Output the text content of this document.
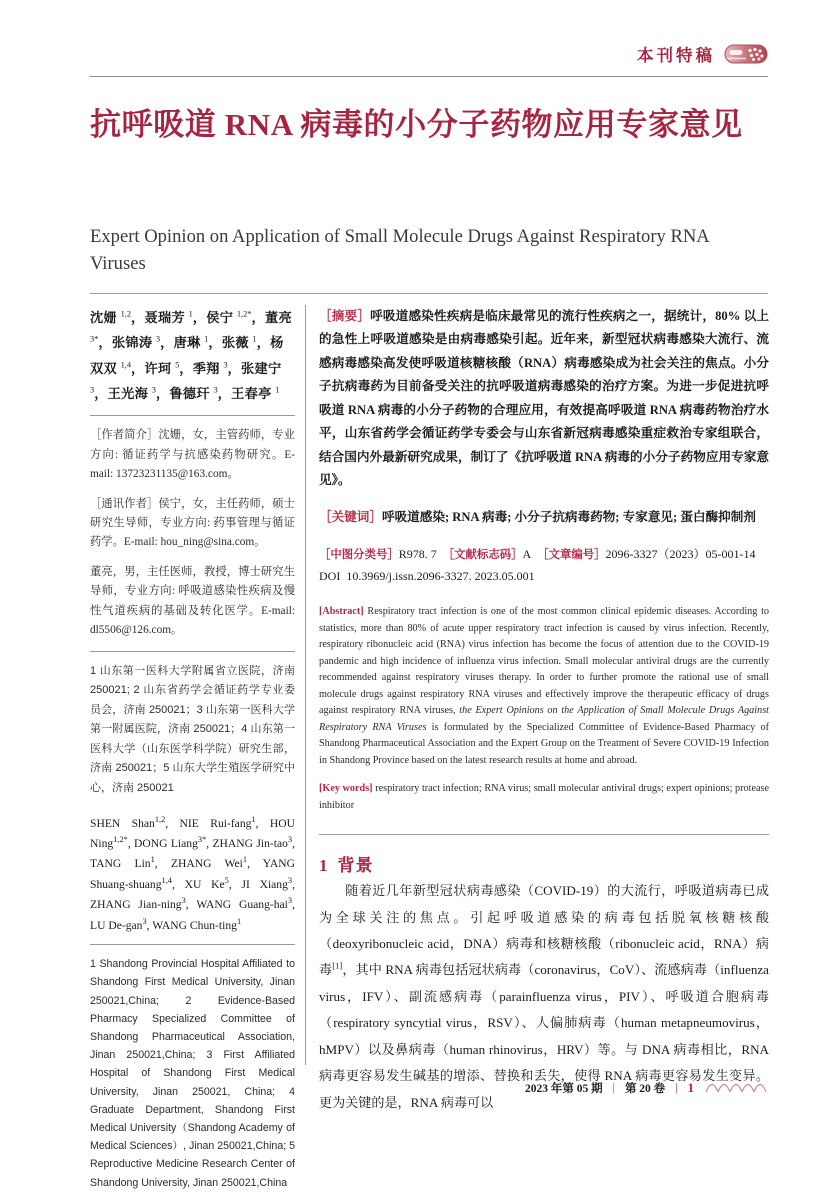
本刊特稿
抗呼吸道 RNA 病毒的小分子药物应用专家意见
Expert Opinion on Application of Small Molecule Drugs Against Respiratory RNA Viruses
沈姗 $^{1,2}$，聂瑞芳 $^1$，侯宁 $^{1,2*}$，董亮 $^{3*}$，张锦涛 $^3$，唐琳 $^1$，张薇 $^1$，杨双双 $^{1,4}$，许珂 $^5$，季翔 $^3$，张建宁 $^3$，王光海 $^3$，鲁德玕 $^3$，王春亭 $^1$
［作者简介］沈姗，女，主管药师，专业方向: 循证药学与抗感染药物研究。E-mail: 13723231135@163.com。
［通讯作者］侯宁，女，主任药师，硕士研究生导师，专业方向: 药事管理与循证药学。E-mail: hou_ning@sina.com。
董亮，男，主任医师，教授，博士研究生导师，专业方向: 呼吸道感染性疾病及慢性气道疾病的基础及转化医学。E-mail: dl5506@126.com。
1 山东第一医科大学附属省立医院，济南 250021; 2 山东省药学会循证药学专业委员会，济南 250021；3 山东第一医科大学第一附属医院，济南 250021；4 山东第一医科大学（山东医学科学院）研究生部，济南 250021；5 山东大学生殖医学研究中心，济南 250021
SHEN Shan$^{1,2}$, NIE Rui-fang$^1$, HOU Ning$^{1,2*}$, DONG Liang$^{3*}$, ZHANG Jin-tao$^3$, TANG Lin$^1$, ZHANG Wei$^1$, YANG Shuang-shuang$^{1,4}$, XU Ke$^5$, JI Xiang$^3$, ZHANG Jian-ning$^3$, WANG Guang-hai$^3$, LU De-gan$^3$, WANG Chun-ting$^1$
1 Shandong Provincial Hospital Affiliated to Shandong First Medical University, Jinan 250021,China; 2 Evidence-Based Pharmacy Specialized Committee of Shandong Pharmaceutical Association, Jinan 250021,China; 3 First Affiliated Hospital of Shandong First Medical University, Jinan 250021, China; 4 Graduate Department, Shandong First Medical University（Shandong Academy of Medical Sciences）, Jinan 250021,China; 5 Reproductive Medicine Research Center of Shandong University, Jinan 250021,China
［摘要］呼吸道感染性疾病是临床最常见的流行性疾病之一，据统计，80% 以上的急性上呼吸道感染是由病毒感染引起。近年来，新型冠状病毒感染大流行、流感病毒感染高发使呼吸道核糖核酸（RNA）病毒感染成为社会关注的焦点。小分子抗病毒药为目前备受关注的抗呼吸道病毒感染的治疗方案。为进一步促进抗呼吸道 RNA 病毒的小分子药物的合理应用，有效提高呼吸道 RNA 病毒药物治疗水平，山东省药学会循证药学专委会与山东省新冠病毒感染重症救治专家组联合，结合国内外最新研究成果，制订了《抗呼吸道 RNA 病毒的小分子药物应用专家意见》。
［关键词］呼吸道感染; RNA 病毒; 小分子抗病毒药物; 专家意见; 蛋白酶抑制剂
［中图分类号］R978. 7 ［文献标志码］A ［文章编号］2096-3327（2023）05-001-14
DOI 10.3969/j.issn.2096-3327. 2023.05.001
[Abstract] Respiratory tract infection is one of the most common clinical epidemic diseases. According to statistics, more than 80% of acute upper respiratory tract infection is caused by virus infection. Recently, respiratory ribonucleic acid (RNA) virus infection has become the focus of attention due to the COVID-19 pandemic and high incidence of influenza virus infection. Small molecular antiviral drugs are the currently recommended against respiratory viruses therapy. In order to further promote the rational use of small molecule drugs against respiratory RNA viruses and effectively improve the therapeutic efficacy of drugs against respiratory RNA viruses, the Expert Opinions on the Application of Small Molecule Drugs Against Respiratory RNA Viruses is formulated by the Specialized Committee of Evidence-Based Pharmacy of Shandong Pharmaceutical Association and the Expert Group on the Treatment of Severe COVID-19 Infection in Shandong Province based on the latest research results at home and abroad.
[Key words] respiratory tract infection; RNA virus; small molecular antiviral drugs; expert opinions; protease inhibitor
1 背景
随着近几年新型冠状病毒感染（COVID-19）的大流行，呼吸道病毒已成为全球关注的焦点。引起呼吸道感染的病毒包括脱氧核糖核酸（deoxyribonucleic acid，DNA）病毒和核糖核酸（ribonucleic acid，RNA）病毒[1]，其中 RNA 病毒包括冠状病毒（coronavirus，CoV）、流感病毒（influenza virus，IFV）、副流感病毒（parainfluenza virus，PIV）、呼吸道合胞病毒（respiratory syncytial virus，RSV）、人偏肺病毒（human metapneumovirus，hMPV）以及鼻病毒（human rhinovirus，HRV）等。与 DNA 病毒相比，RNA 病毒更容易发生碱基的增添、替换和丢失，使得 RNA 病毒更容易发生变异。更为关键的是，RNA 病毒可以
2023 年第 05 期 | 第 20 卷 | 1
